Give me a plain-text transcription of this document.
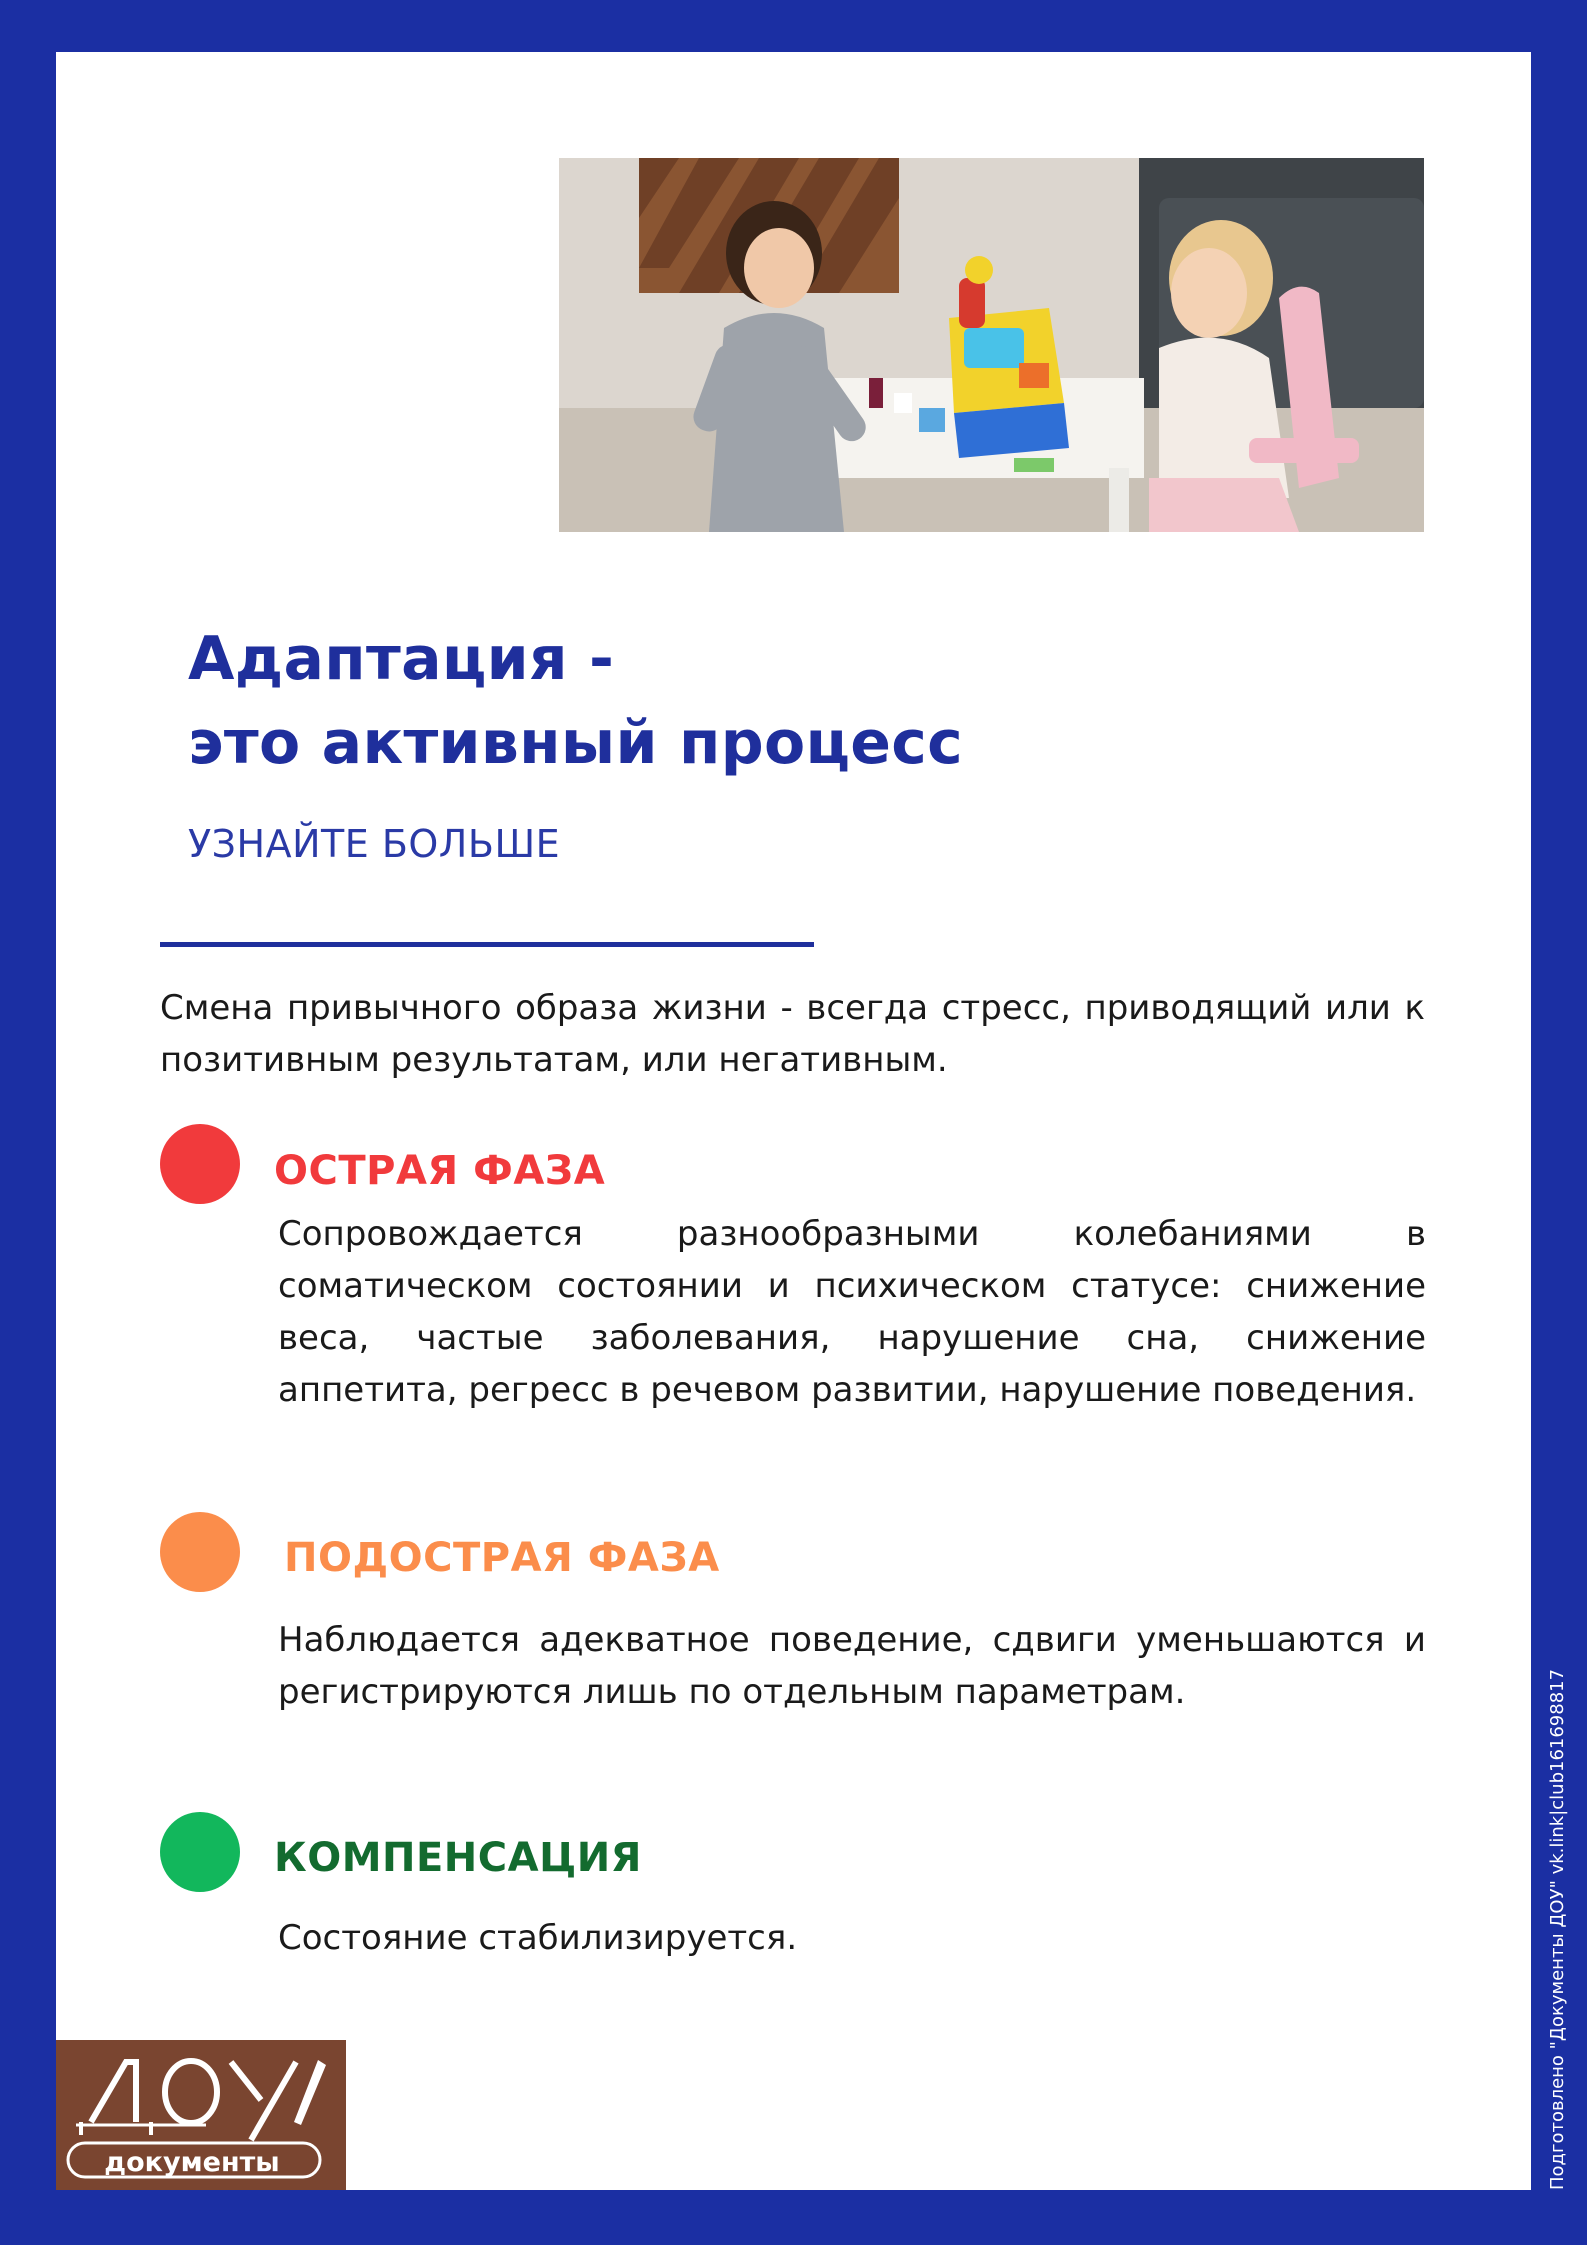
Адаптация -
это активный процесс
УЗНАЙТЕ БОЛЬШЕ

Смена привычного образа жизни - всегда стресс, приводящий или к позитивным результатам, или негативным.

ОСТРАЯ ФАЗА

Сопровождается разнообразными колебаниями в соматическом состоянии и психическом статусе: снижение веса, частые заболевания, нарушение сна, снижение аппетита, регресс в речевом развитии, нарушение поведения.

ПОДОСТРАЯ ФАЗА

Наблюдается адекватное поведение, сдвиги уменьшаются и регистрируются лишь по отдельным параметрам.

КОМПЕНСАЦИЯ

Состояние стабилизируется.

документы	Подготовлено "Документы ДОУ" vk.link|club161698817
